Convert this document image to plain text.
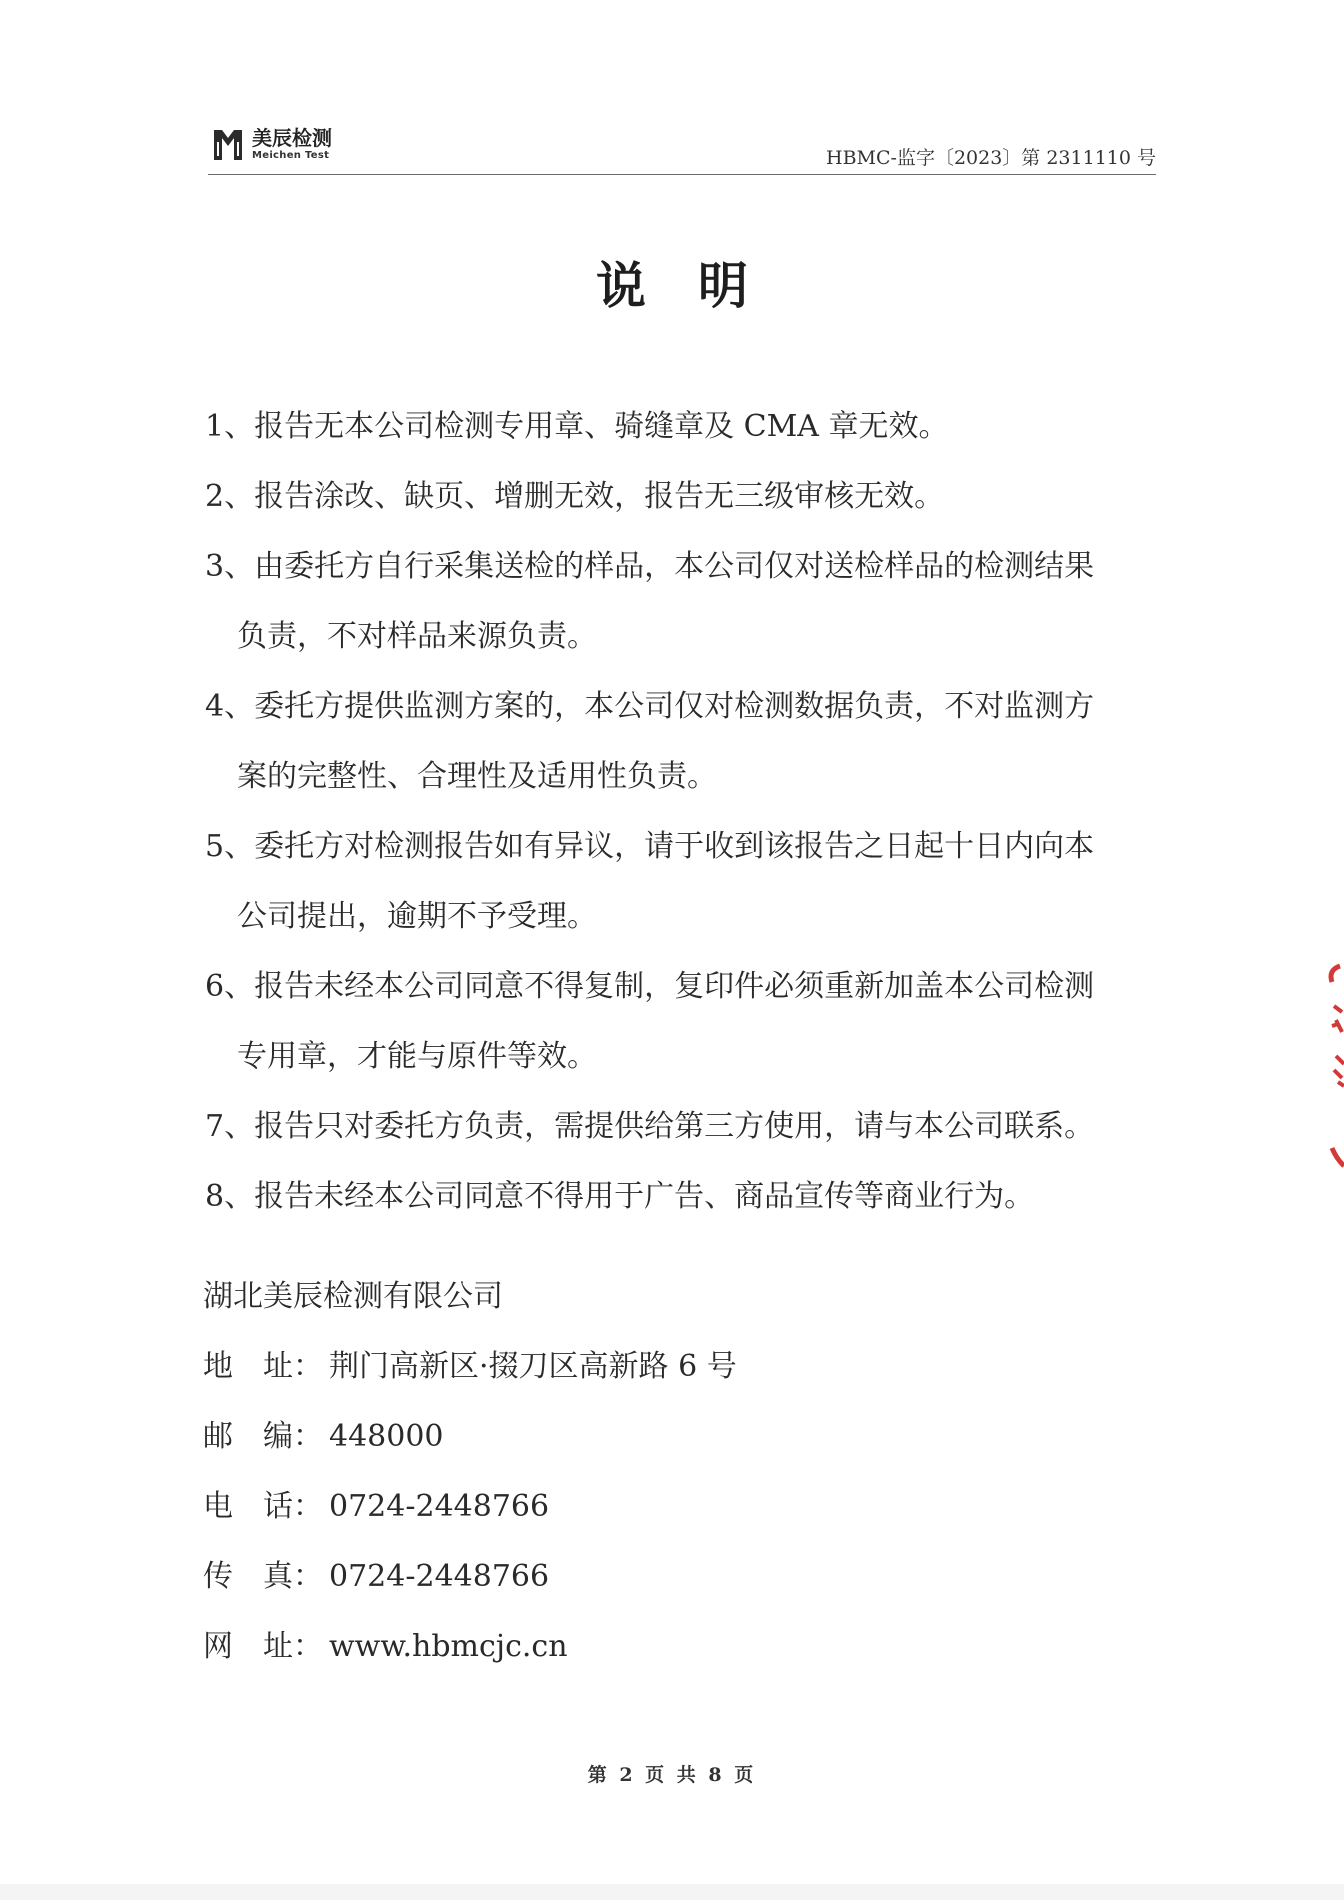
美辰检测
Meichen Test	HBMC-监字〔2023〕第 2311110 号
说明
1、报告无本公司检测专用章、骑缝章及 CMA 章无效。
2、报告涂改、缺页、增删无效，报告无三级审核无效。
3、由委托方自行采集送检的样品，本公司仅对送检样品的检测结果
负责，不对样品来源负责。
4、委托方提供监测方案的，本公司仅对检测数据负责，不对监测方
案的完整性、合理性及适用性负责。
5、委托方对检测报告如有异议，请于收到该报告之日起十日内向本
公司提出，逾期不予受理。
6、报告未经本公司同意不得复制，复印件必须重新加盖本公司检测
专用章，才能与原件等效。
7、报告只对委托方负责，需提供给第三方使用，请与本公司联系。
8、报告未经本公司同意不得用于广告、商品宣传等商业行为。
湖北美辰检测有限公司
地　址： 荆门高新区·掇刀区高新路 6 号
邮　编： 448000
电　话： 0724-2448766
传　真： 0724-2448766
网　址： www.hbmcjc.cn
第 2 页 共 8 页
